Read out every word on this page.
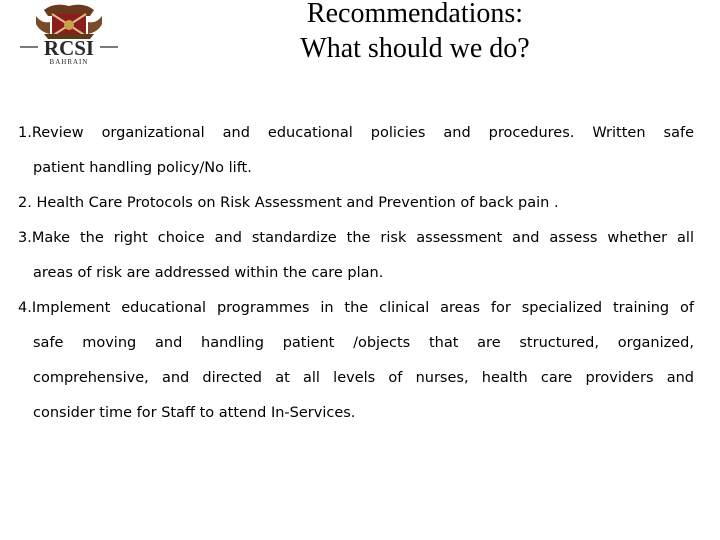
RCSI
BAHRAIN
Recommendations:
What should we do?
1.Review organizational and educational policies and procedures. Written safe
patient handling policy/No lift.
2. Health Care Protocols on Risk Assessment and Prevention of back pain .
3.Make the right choice and standardize the risk assessment and assess whether all
areas of risk are addressed within the care plan.
4.Implement educational programmes in the clinical areas for specialized training of
safe moving and handling patient /objects that are structured, organized,
comprehensive, and directed at all levels of nurses, health care providers and
consider time for Staff to attend In-Services.
